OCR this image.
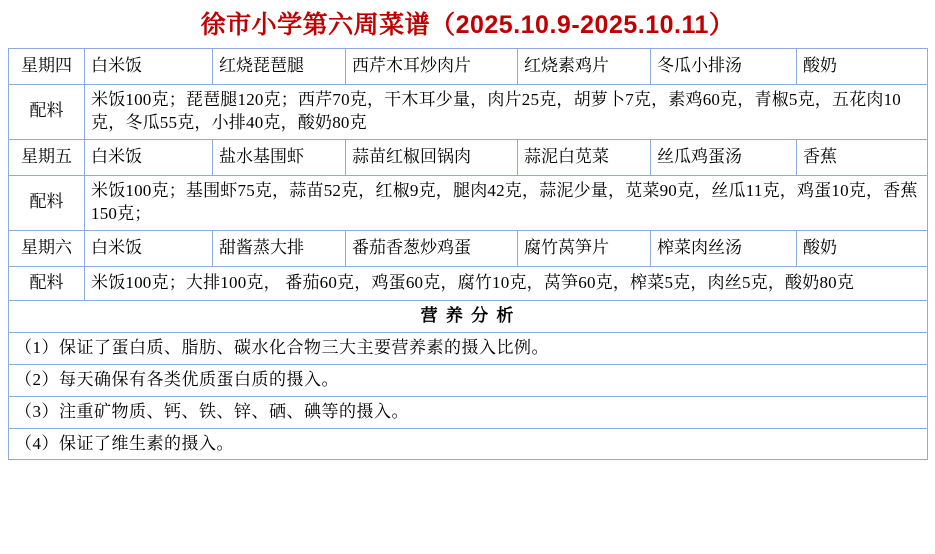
徐市小学第六周菜谱（2025.10.9-2025.10.11）
星期四	白米饭	红烧琵琶腿	西芹木耳炒肉片	红烧素鸡片	冬瓜小排汤	酸奶
配料	米饭100克；琵琶腿120克；西芹70克，干木耳少量，肉片25克，胡萝卜7克，素鸡60克，青椒5克，五花肉10克，冬瓜55克，小排40克，酸奶80克					
星期五	白米饭	盐水基围虾	蒜苗红椒回锅肉	蒜泥白苋菜	丝瓜鸡蛋汤	香蕉
配料	米饭100克；基围虾75克，蒜苗52克，红椒9克，腿肉42克，蒜泥少量，苋菜90克，丝瓜11克，鸡蛋10克，香蕉150克；					
星期六	白米饭	甜酱蒸大排	番茄香葱炒鸡蛋	腐竹莴笋片	榨菜肉丝汤	酸奶
配料	米饭100克；大排100克， 番茄60克，鸡蛋60克，腐竹10克，莴笋60克，榨菜5克，肉丝5克，酸奶80克					
营 养 分 析						
（1）保证了蛋白质、脂肪、碳水化合物三大主要营养素的摄入比例。						
（2）每天确保有各类优质蛋白质的摄入。						
（3）注重矿物质、钙、铁、锌、硒、碘等的摄入。						
（4）保证了维生素的摄入。						
